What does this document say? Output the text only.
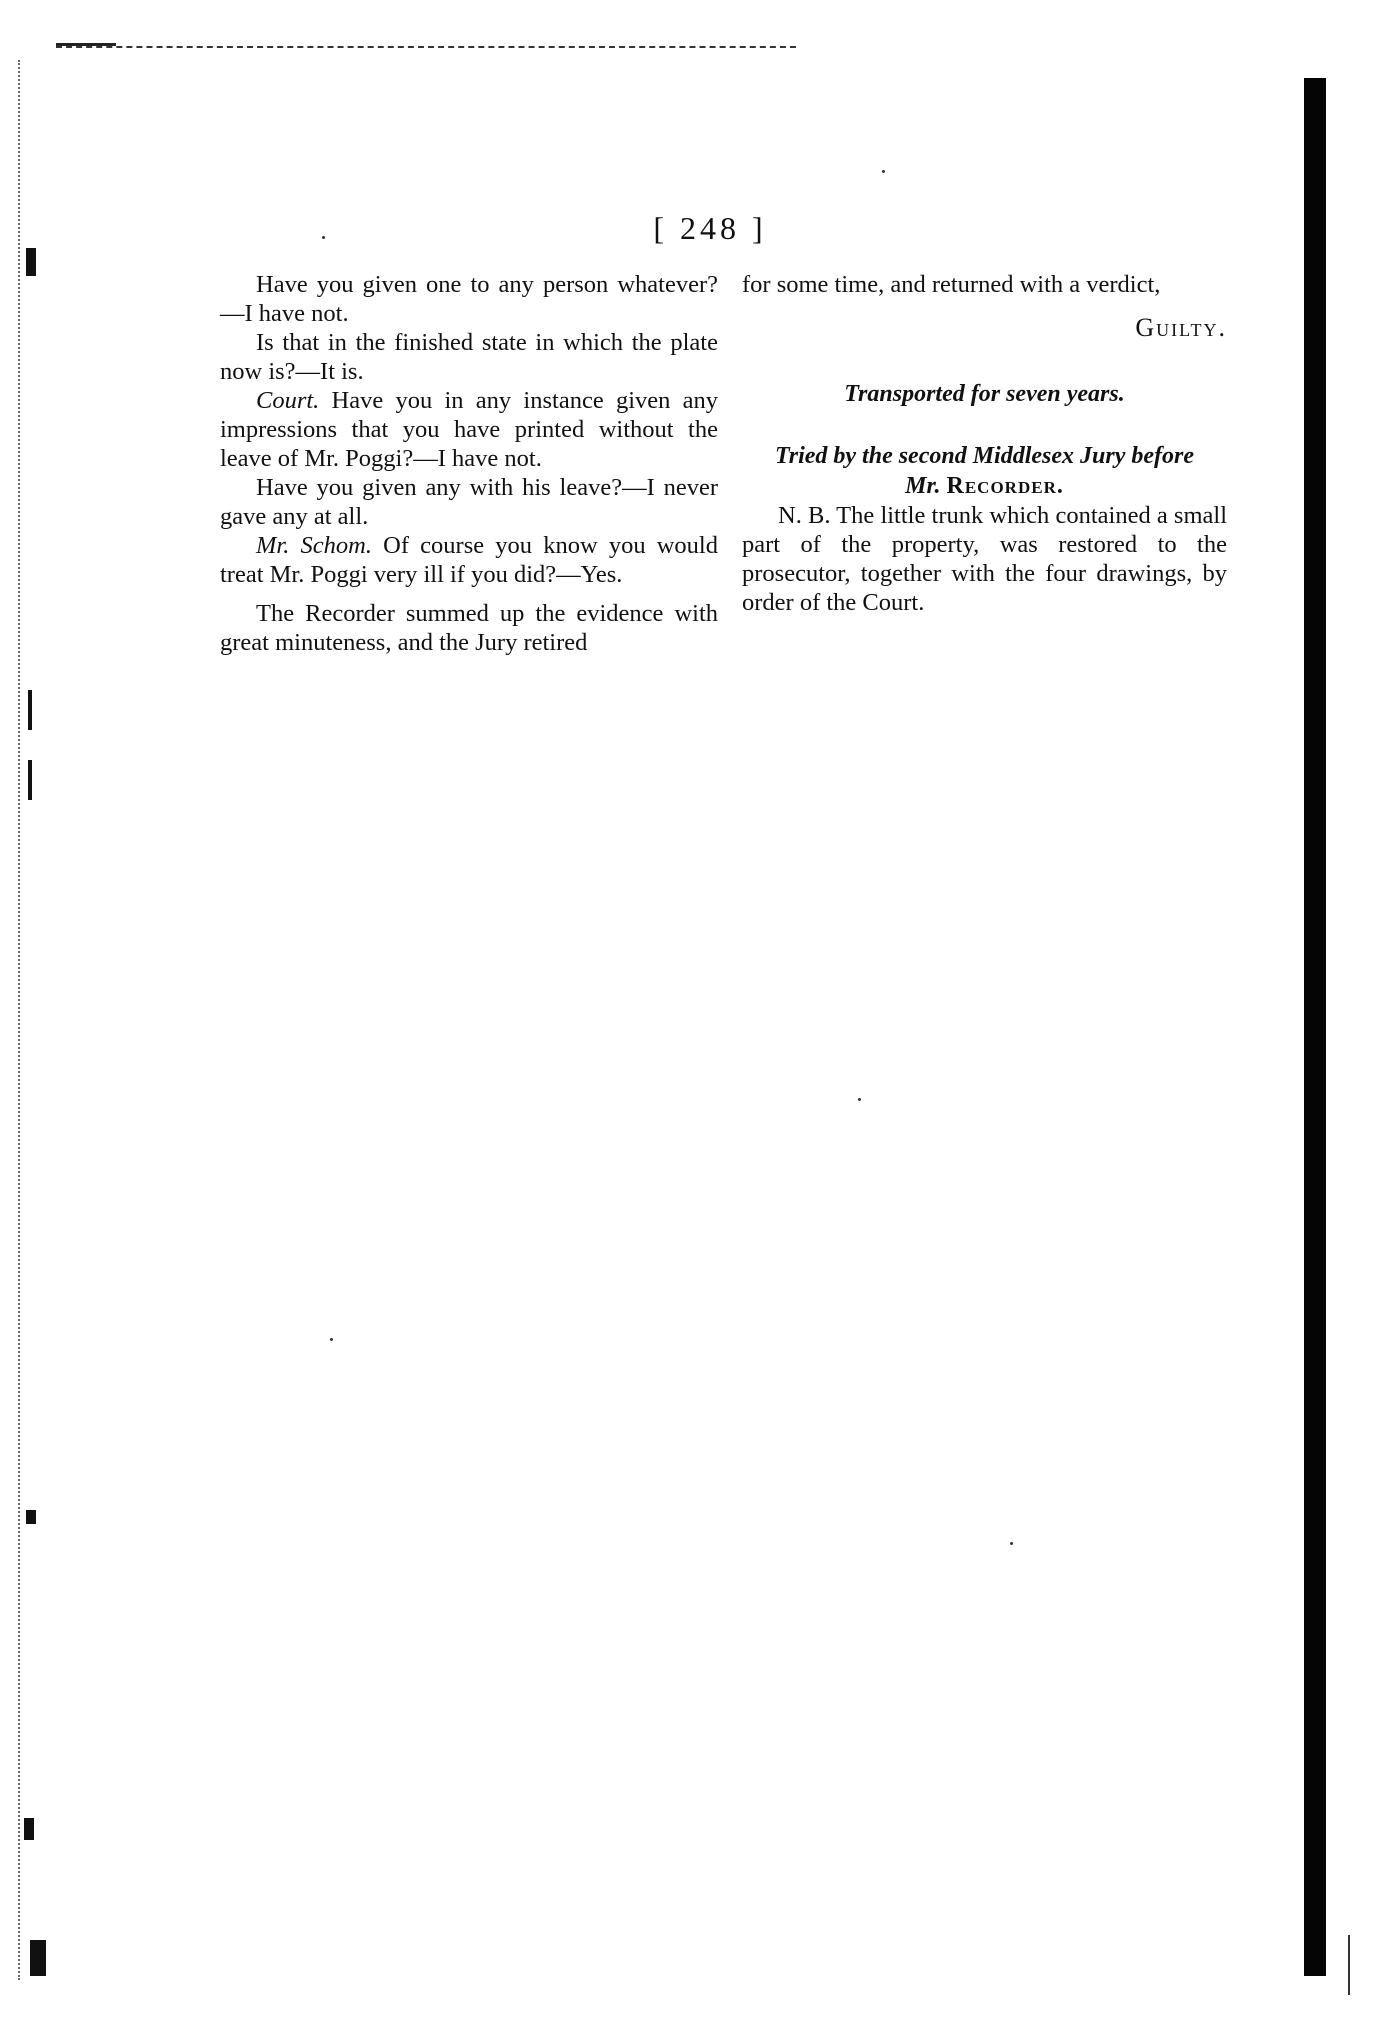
[ 248 ]

Have you given one to any person whatever?—I have not.

Is that in the finished state in which the plate now is?—It is.

Court. Have you in any instance given any impressions that you have printed without the leave of Mr. Poggi?—I have not.

Have you given any with his leave?—I never gave any at all.

Mr. Schom. Of course you know you would treat Mr. Poggi very ill if you did?—Yes.

The Recorder summed up the evidence with great minuteness, and the Jury retired

for some time, and returned with a verdict,

Guilty.
Transported for seven years.
Tried by the second Middlesex Jury before
Mr. Recorder.

N. B. The little trunk which contained a small part of the property, was restored to the prosecutor, together with the four drawings, by order of the Court.
